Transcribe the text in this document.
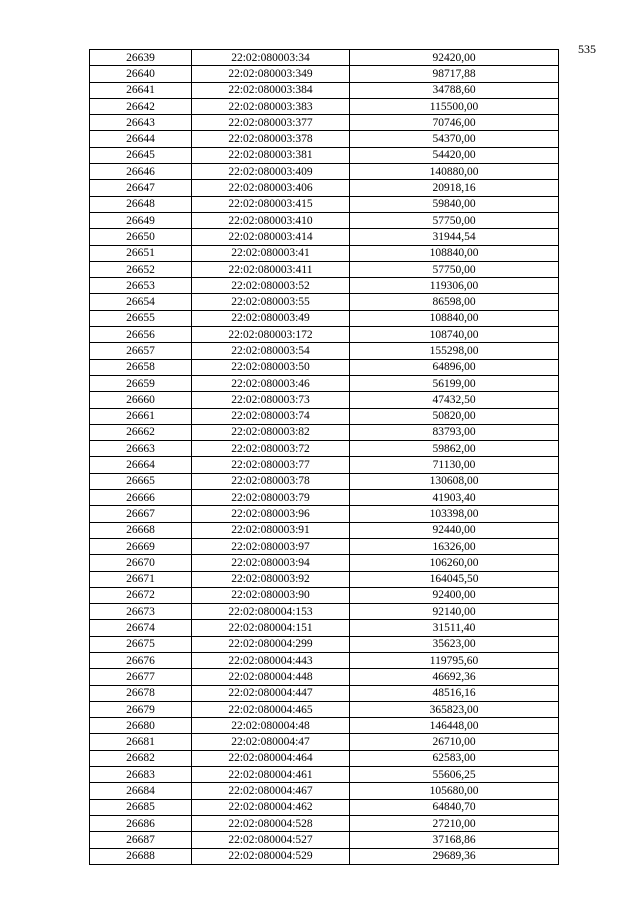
535
26639	22:02:080003:34	92420,00
26640	22:02:080003:349	98717,88
26641	22:02:080003:384	34788,60
26642	22:02:080003:383	115500,00
26643	22:02:080003:377	70746,00
26644	22:02:080003:378	54370,00
26645	22:02:080003:381	54420,00
26646	22:02:080003:409	140880,00
26647	22:02:080003:406	20918,16
26648	22:02:080003:415	59840,00
26649	22:02:080003:410	57750,00
26650	22:02:080003:414	31944,54
26651	22:02:080003:41	108840,00
26652	22:02:080003:411	57750,00
26653	22:02:080003:52	119306,00
26654	22:02:080003:55	86598,00
26655	22:02:080003:49	108840,00
26656	22:02:080003:172	108740,00
26657	22:02:080003:54	155298,00
26658	22:02:080003:50	64896,00
26659	22:02:080003:46	56199,00
26660	22:02:080003:73	47432,50
26661	22:02:080003:74	50820,00
26662	22:02:080003:82	83793,00
26663	22:02:080003:72	59862,00
26664	22:02:080003:77	71130,00
26665	22:02:080003:78	130608,00
26666	22:02:080003:79	41903,40
26667	22:02:080003:96	103398,00
26668	22:02:080003:91	92440,00
26669	22:02:080003:97	16326,00
26670	22:02:080003:94	106260,00
26671	22:02:080003:92	164045,50
26672	22:02:080003:90	92400,00
26673	22:02:080004:153	92140,00
26674	22:02:080004:151	31511,40
26675	22:02:080004:299	35623,00
26676	22:02:080004:443	119795,60
26677	22:02:080004:448	46692,36
26678	22:02:080004:447	48516,16
26679	22:02:080004:465	365823,00
26680	22:02:080004:48	146448,00
26681	22:02:080004:47	26710,00
26682	22:02:080004:464	62583,00
26683	22:02:080004:461	55606,25
26684	22:02:080004:467	105680,00
26685	22:02:080004:462	64840,70
26686	22:02:080004:528	27210,00
26687	22:02:080004:527	37168,86
26688	22:02:080004:529	29689,36
